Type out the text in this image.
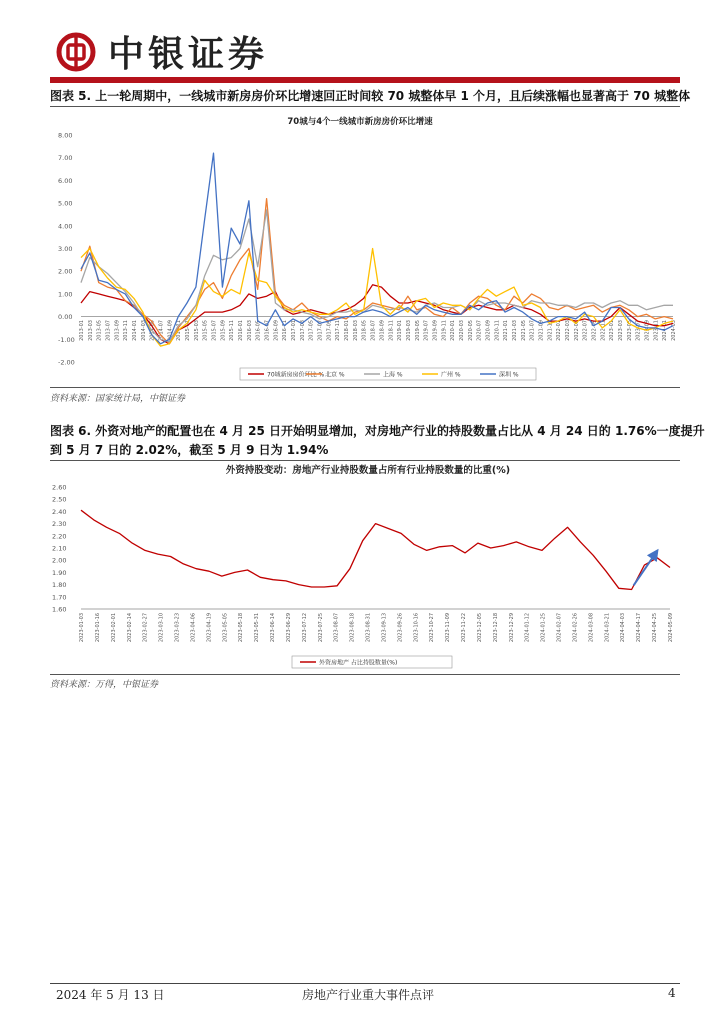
中银证券
图表 5. 上一轮周期中，一线城市新房房价环比增速回正时间较 70 城整体早 1 个月，且后续涨幅也显著高于 70 城整体
70城与4个一线城市新房房价环比增速
8.00
7.00
6.00
5.00
4.00
3.00
2.00
1.00
0.00
-1.00
-2.00
2013-01 2013-03 2013-05 2013-07 2013-09 2013-11 2014-01 2014-03 2014-05 2014-07 2014-09 2014-11 2015-01 2015-03 2015-05 2015-07 2015-09 2015-11 2016-01 2016-03 2016-05 2016-07 2016-09 2016-11 2017-01 2017-03 2017-05 2017-07 2017-09 2017-11 2018-01 2018-03 2018-05 2018-07 2018-09 2018-11 2019-01 2019-03 2019-05 2019-07 2019-09 2019-11 2020-01 2020-03 2020-05 2020-07 2020-09 2020-11 2021-01 2021-03 2021-05 2021-07 2021-09 2021-11 2022-01 2022-03 2022-05 2022-07 2022-09 2022-11 2023-01 2023-03 2023-05 2023-07 2023-09 2023-11 2024-01 2024-03
70城新房房价环比 % 北京 %	上海 %	广州 %	深圳 %
资料来源：国家统计局，中银证券
图表 6. 外资对地产的配置也在 4 月 25 日开始明显增加，对房地产行业的持股数量占比从 4 月 24 日的 1.76%一度提升
到 5 月 7 日的 2.02%，截至 5 月 9 日为 1.94%
外资持股变动：房地产行业持股数量占所有行业持股数量的比重(%)
2.60
2.50
2.40
2.30
2.20
2.10
2.00
1.90
1.80
1.70
1.60
2023-01-03 2023-01-16 2023-02-01 2023-02-14 2023-02-27 2023-03-10 2023-03-23 2023-04-06 2023-04-19 2023-05-05 2023-05-18 2023-05-31 2023-06-14 2023-06-29 2023-07-12 2023-07-25 2023-08-07 2023-08-18 2023-08-31 2023-09-13 2023-09-26 2023-10-16 2023-10-27 2023-11-09 2023-11-22 2023-12-05 2023-12-18 2023-12-29 2024-01-12 2024-01-25 2024-02-07 2024-02-26 2024-03-08 2024-03-21 2024-04-03 2024-04-17 2024-04-25 2024-05-09
外资房地产 占比持股数量(%)
资料来源：万得，中银证券
2024 年 5 月 13 日	房地产行业重大事件点评	4
